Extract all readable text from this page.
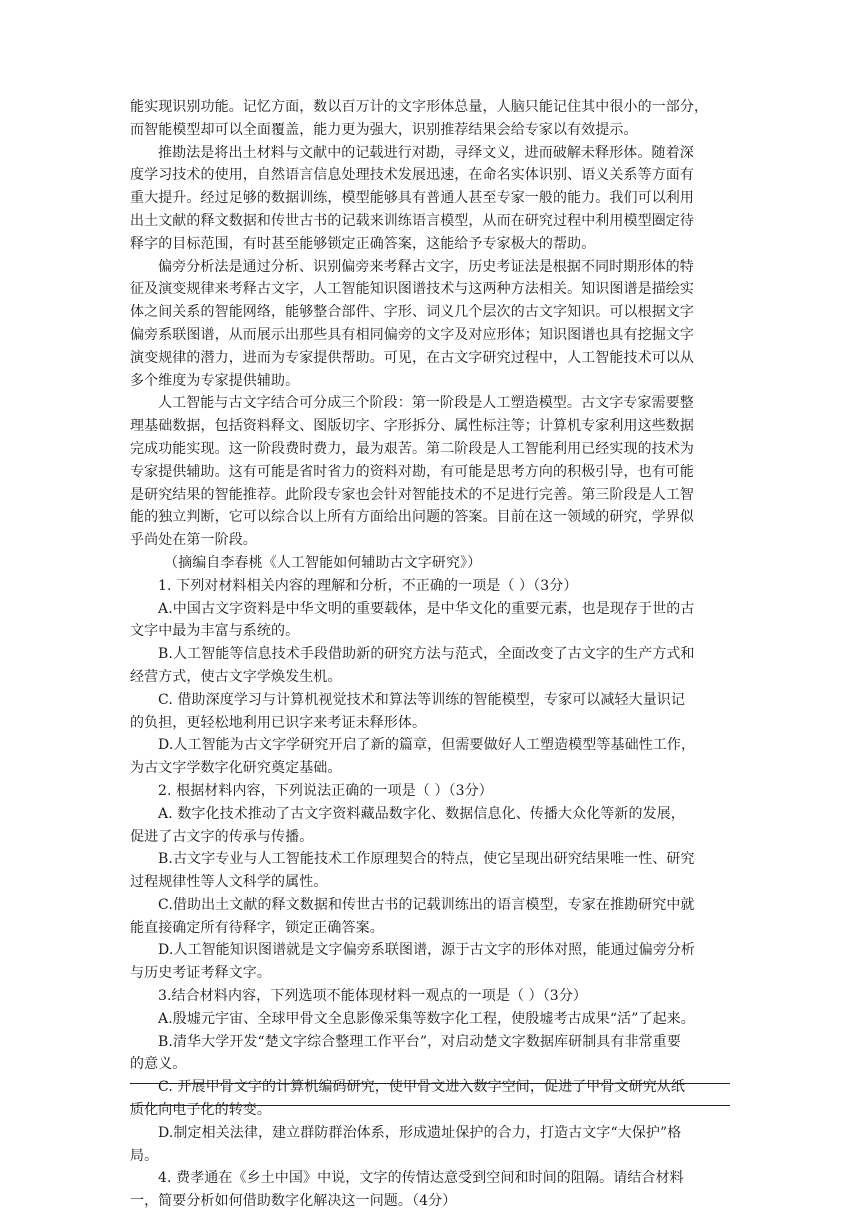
能实现识别功能。记忆方面，数以百万计的文字形体总量，人脑只能记住其中很小的一部分，
而智能模型却可以全面覆盖，能力更为强大，识别推荐结果会给专家以有效提示。
推勘法是将出土材料与文献中的记载进行对勘，寻绎文义，进而破解未释形体。随着深
度学习技术的使用，自然语言信息处理技术发展迅速，在命名实体识别、语义关系等方面有
重大提升。经过足够的数据训练，模型能够具有普通人甚至专家一般的能力。我们可以利用
出土文献的释文数据和传世古书的记载来训练语言模型，从而在研究过程中利用模型圈定待
释字的目标范围，有时甚至能够锁定正确答案，这能给予专家极大的帮助。
偏旁分析法是通过分析、识别偏旁来考释古文字，历史考证法是根据不同时期形体的特
征及演变规律来考释古文字，人工智能知识图谱技术与这两种方法相关。知识图谱是描绘实
体之间关系的智能网络，能够整合部件、字形、词义几个层次的古文字知识。可以根据文字
偏旁系联图谱，从而展示出那些具有相同偏旁的文字及对应形体；知识图谱也具有挖掘文字
演变规律的潜力，进而为专家提供帮助。可见，在古文字研究过程中，人工智能技术可以从
多个维度为专家提供辅助。
人工智能与古文字结合可分成三个阶段：第一阶段是人工塑造模型。古文字专家需要整
理基础数据，包括资料释文、图版切字、字形拆分、属性标注等；计算机专家利用这些数据
完成功能实现。这一阶段费时费力，最为艰苦。第二阶段是人工智能利用已经实现的技术为
专家提供辅助。这有可能是省时省力的资料对勘，有可能是思考方向的积极引导，也有可能
是研究结果的智能推荐。此阶段专家也会针对智能技术的不足进行完善。第三阶段是人工智
能的独立判断，它可以综合以上所有方面给出问题的答案。目前在这一领域的研究，学界似
乎尚处在第一阶段。
（摘编自李春桃《人工智能如何辅助古文字研究》）
1. 下列对材料相关内容的理解和分析，不正确的一项是（ ）（3分）
A.中国古文字资料是中华文明的重要载体，是中华文化的重要元素，也是现存于世的古
文字中最为丰富与系统的。
B.人工智能等信息技术手段借助新的研究方法与范式，全面改变了古文字的生产方式和
经营方式，使古文字学焕发生机。
C. 借助深度学习与计算机视觉技术和算法等训练的智能模型，专家可以减轻大量识记
的负担，更轻松地利用已识字来考证未释形体。
D.人工智能为古文字学研究开启了新的篇章，但需要做好人工塑造模型等基础性工作，
为古文字学数字化研究奠定基础。
2. 根据材料内容，下列说法正确的一项是（ ）（3分）
A. 数字化技术推动了古文字资料藏品数字化、数据信息化、传播大众化等新的发展，
促进了古文字的传承与传播。
B.古文字专业与人工智能技术工作原理契合的特点，使它呈现出研究结果唯一性、研究
过程规律性等人文科学的属性。
C.借助出土文献的释文数据和传世古书的记载训练出的语言模型，专家在推勘研究中就
能直接确定所有待释字，锁定正确答案。
D.人工智能知识图谱就是文字偏旁系联图谱，源于古文字的形体对照，能通过偏旁分析
与历史考证考释文字。
3.结合材料内容，下列选项不能体现材料一观点的一项是（ ）（3分）
A.殷墟元宇宙、全球甲骨文全息影像采集等数字化工程，使殷墟考古成果“活”了起来。
B.清华大学开发“楚文字综合整理工作平台”，对启动楚文字数据库研制具有非常重要
的意义。
C. 开展甲骨文字的计算机编码研究，使甲骨文进入数字空间，促进了甲骨文研究从纸
质化向电子化的转变。
D.制定相关法律，建立群防群治体系，形成遗址保护的合力，打造古文字“大保护”格
局。
4. 费孝通在《乡土中国》中说，文字的传情达意受到空间和时间的阻隔。请结合材料
一，简要分析如何借助数字化解决这一问题。（4分）
